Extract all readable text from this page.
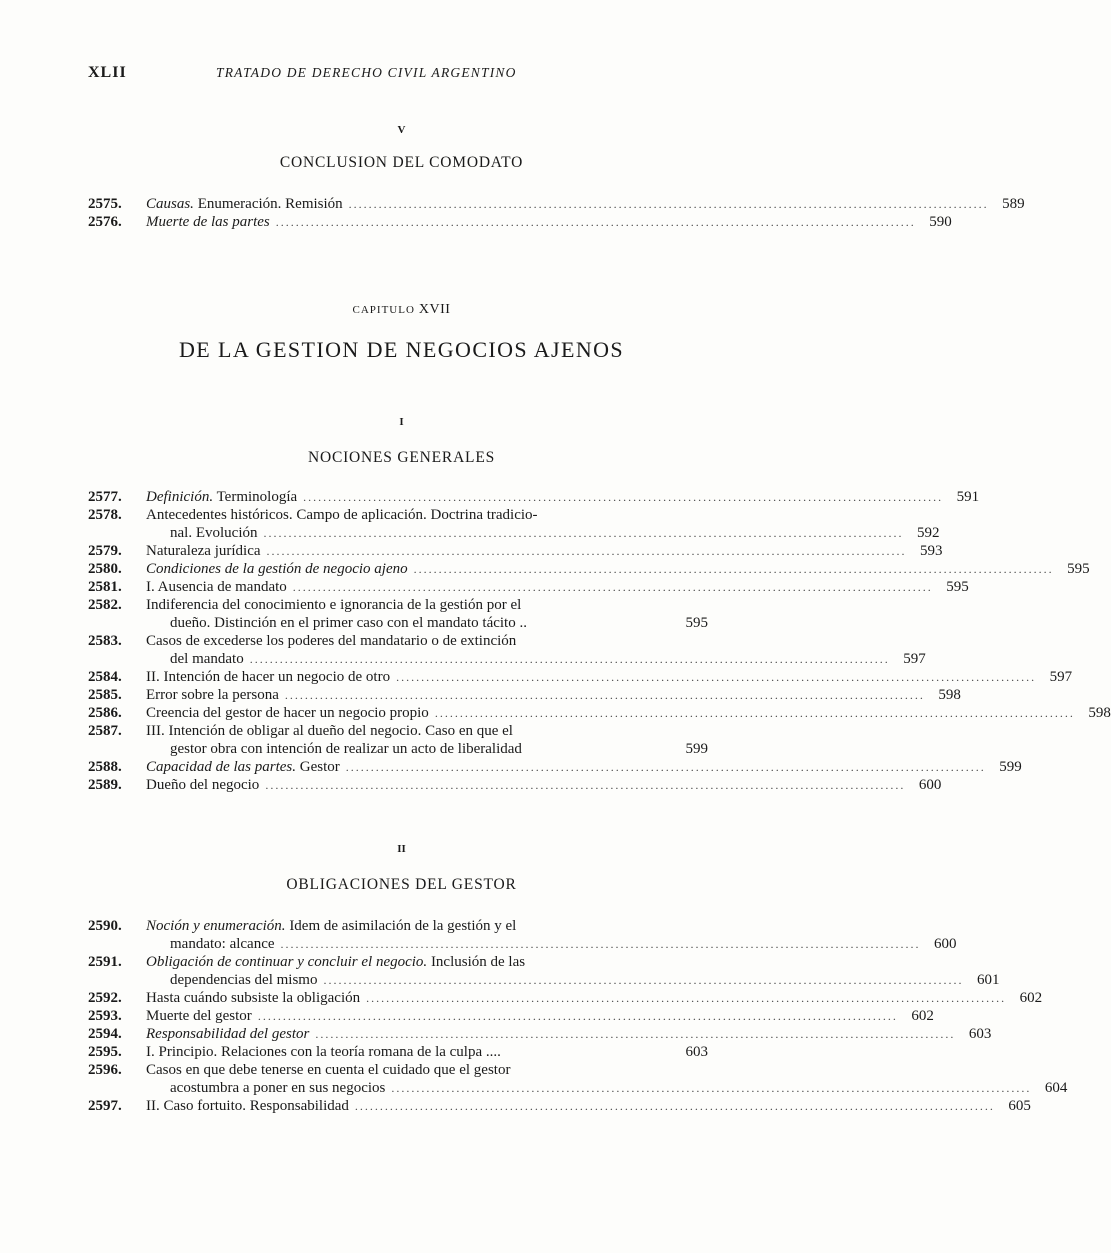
XLII	TRATADO DE DERECHO CIVIL ARGENTINO
V
CONCLUSION DEL COMODATO
2575.	Causas. Enumeración. Remisión .....	589
2576.	Muerte de las partes .....	590
CAPITULO XVII
DE LA GESTION DE NEGOCIOS AJENOS
I
NOCIONES GENERALES
2577.	Definición. Terminología .....	591
2578.	Antecedentes históricos. Campo de aplicación. Doctrina tradicio-
nal. Evolución .....	592
2579.	Naturaleza jurídica .....	593
2580.	Condiciones de la gestión de negocio ajeno .....	595
2581.	I. Ausencia de mandato .....	595
2582.	Indiferencia del conocimiento e ignorancia de la gestión por el
dueño. Distinción en el primer caso con el mandato tácito ..	595
2583.	Casos de excederse los poderes del mandatario o de extinción
del mandato .....	597
2584.	II. Intención de hacer un negocio de otro .....	597
2585.	Error sobre la persona .....	598
2586.	Creencia del gestor de hacer un negocio propio .....	598
2587.	III. Intención de obligar al dueño del negocio. Caso en que el
gestor obra con intención de realizar un acto de liberalidad	599
2588.	Capacidad de las partes. Gestor .....	599
2589.	Dueño del negocio .....	600
II
OBLIGACIONES DEL GESTOR
2590.	Noción y enumeración. Idem de asimilación de la gestión y el
mandato: alcance .....	600
2591.	Obligación de continuar y concluir el negocio. Inclusión de las
dependencias del mismo .....	601
2592.	Hasta cuándo subsiste la obligación .....	602
2593.	Muerte del gestor .....	602
2594.	Responsabilidad del gestor .....	603
2595.	I. Principio. Relaciones con la teoría romana de la culpa ....	603
2596.	Casos en que debe tenerse en cuenta el cuidado que el gestor
acostumbra a poner en sus negocios .....	604
2597.	II. Caso fortuito. Responsabilidad .....	605
